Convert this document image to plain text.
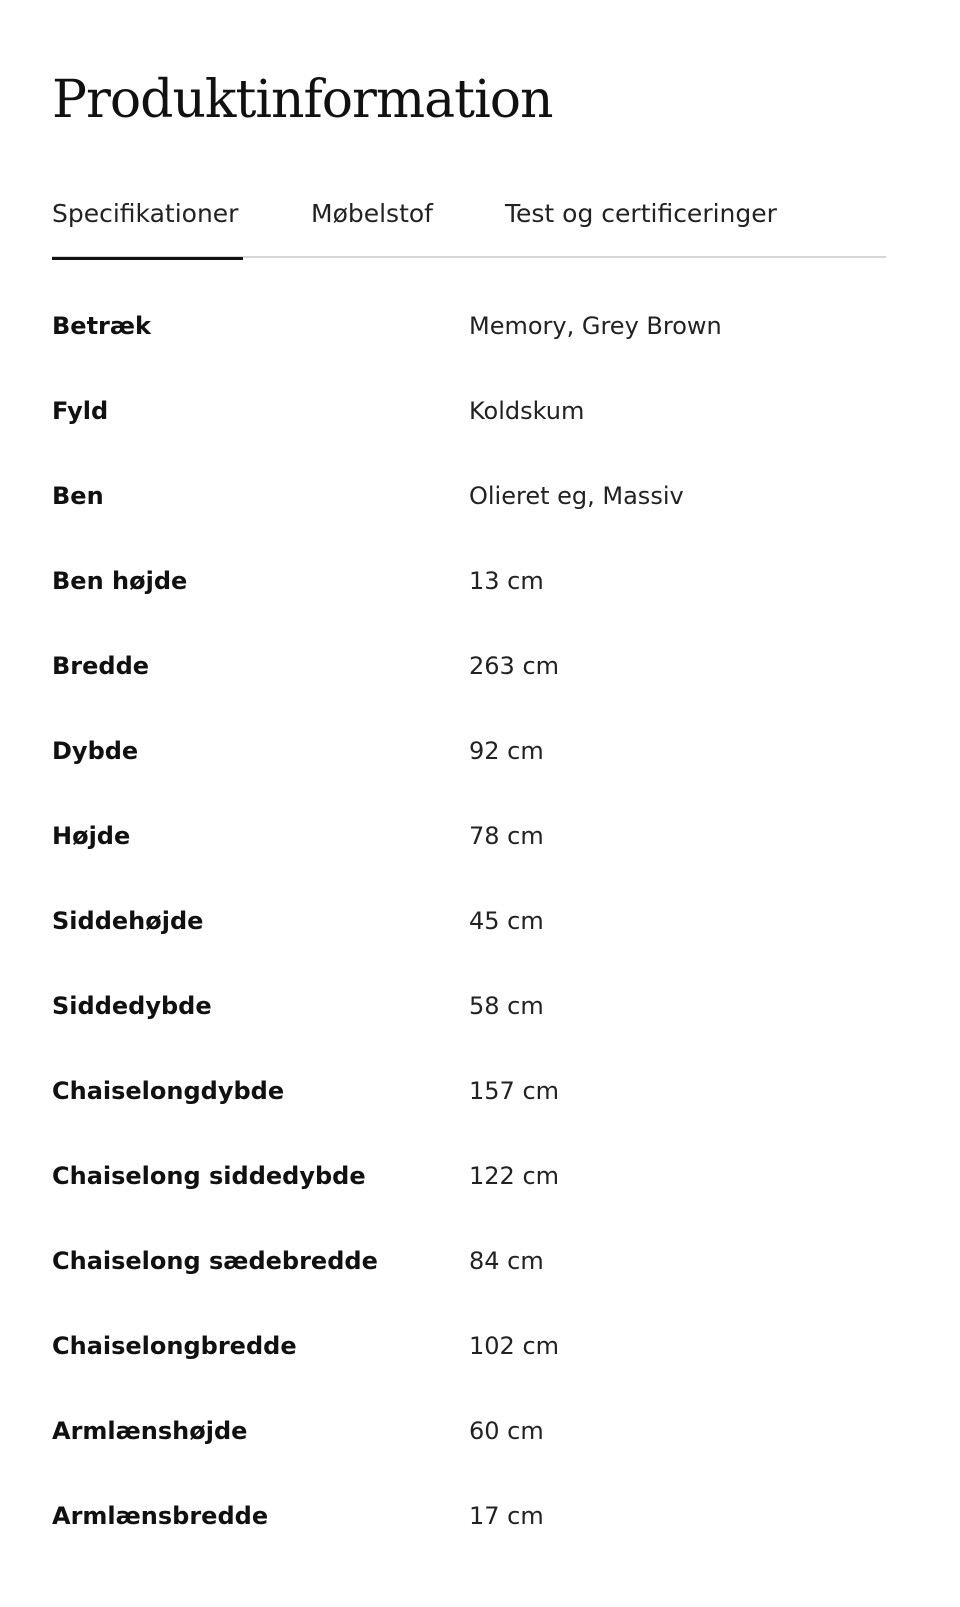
Produktinformation
Specifikationer	Møbelstof	Test og certificeringer
Betræk	Memory, Grey Brown
Fyld	Koldskum
Ben	Olieret eg, Massiv
Ben højde	13 cm
Bredde	263 cm
Dybde	92 cm
Højde	78 cm
Siddehøjde	45 cm
Siddedybde	58 cm
Chaiselongdybde	157 cm
Chaiselong siddedybde	122 cm
Chaiselong sædebredde	84 cm
Chaiselongbredde	102 cm
Armlænshøjde	60 cm
Armlænsbredde	17 cm
